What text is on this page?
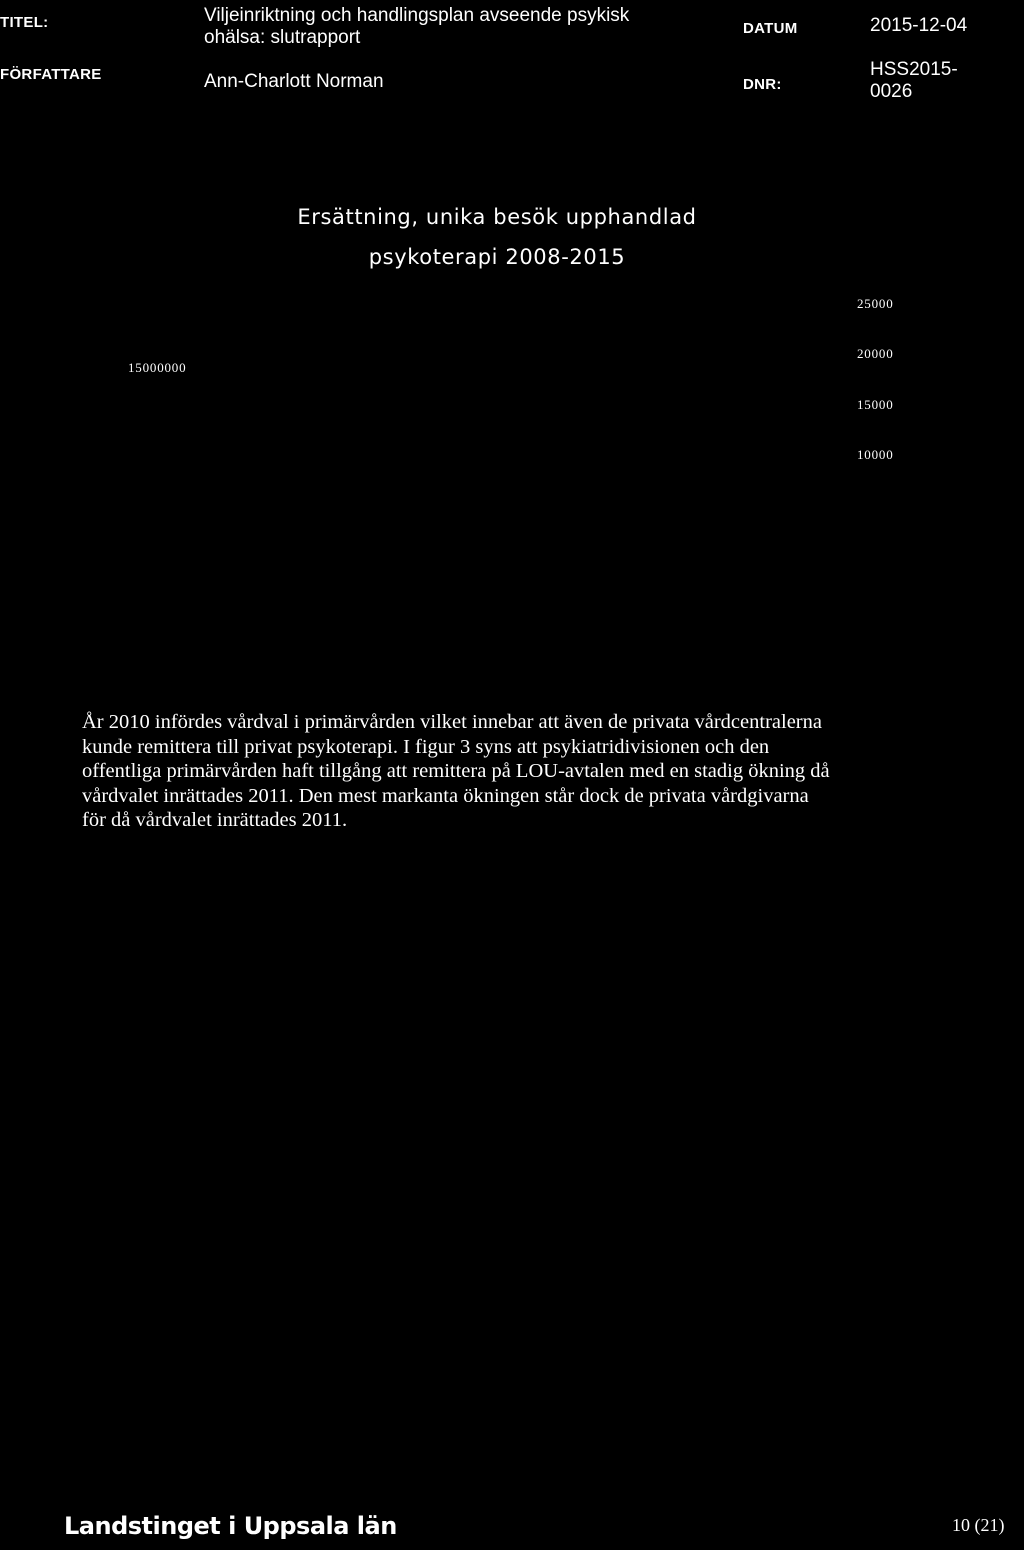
TITEL:	Viljeinriktning och handlingsplan avseende psykisk
ohälsa: slutrapport	DATUM	2015-12-04
FÖRFATTARE	Ann-Charlott Norman	DNR:
HSS2015-
0026
Ersättning, unika besök upphandlad
psykoterapi 2008-2015
15000000
25000
20000
15000
10000
År 2010 infördes vårdval i primärvården vilket innebar att även de privata vårdcentralerna
kunde remittera till privat psykoterapi. I figur 3 syns att psykiatridivisionen och den
offentliga primärvården haft tillgång att remittera på LOU-avtalen med en stadig ökning då
vårdvalet inrättades 2011. Den mest markanta ökningen står dock de privata vårdgivarna
för då vårdvalet inrättades 2011.
Landstinget i Uppsala län	10 (21)
